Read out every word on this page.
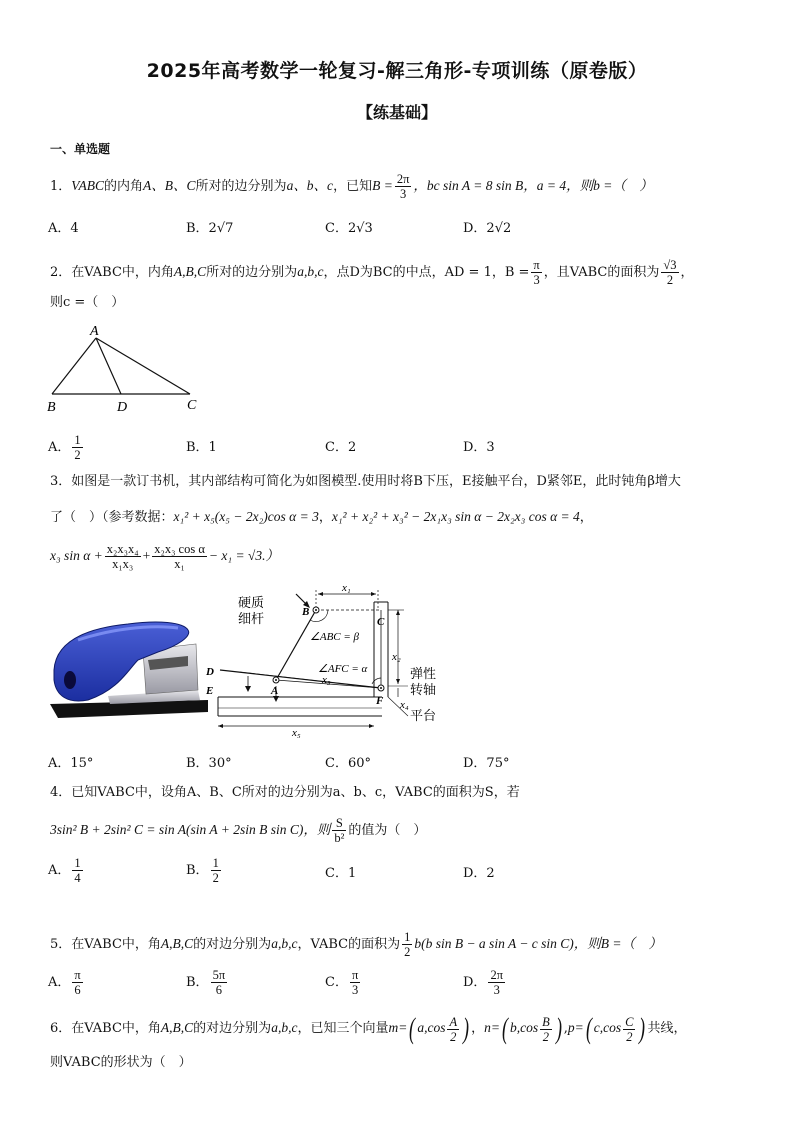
2025年高考数学一轮复习-解三角形-专项训练（原卷版）
【练基础】
一、单选题
1．VABC的内角A、B、C所对的边分别为a、b、c，已知$B = \frac{2\pi}{3}$ ，bc sin A = 8 sin B，a = 4，则b =（　）
A．4	B．2√7	C．2√3	D．2√2
2．在VABC中，内角A,B,C所对的边分别为a,b,c，点D为BC的中点，AD = 1，$B = \frac{\pi}{3}$ ，且VABC的面积为 $\frac{√3}{2}$ ，
则c =（　）
A
B	D	C
A． $\frac{1}{2}$	B．1	C．2	D．3
3．如图是一款订书机，其内部结构可简化为如图模型.使用时将B下压，E接触平台，D紧邻E，此时钝角β增大
了（　）（参考数据：x₁² + x₅(x₅ − 2x₂)cos α = 3，x₁² + x₂² + x₃² − 2x₁x₃ sin α − 2x₂x₃ cos α = 4，
x₃ $\sin \alpha + \frac{\text{x₂x₃x₄}}{\text{x₁x₃}} + \frac{\text{x₂x₃ cos α}}{\text{x₁}} - x_1 = √3$.）
x₁
x₂
x₄
x₅
硬质
细杆	B
C
∠ABC = β
∠AFC = α
x₃
D
E	A
F
弹性
转轴
平台
A．15°	B．30°	C．60°	D．75°
4．已知VABC中，设角A、B、C所对的边分别为a、b、c，VABC的面积为S，若
3sin² B + 2sin² C = sin A(sin A + 2sin B sin C)，则 $\frac{S}{\text{b²}}$ 的值为（　）
A． $\frac{1}{4}$	B． $\frac{1}{2}$	C．1	D．2
5．在VABC中，角A,B,C的对边分别为a,b,c，VABC的面积为 $\frac{1}{2} b(b$ sin B − a sin A − c sin C)，则B =（　）
A． $\frac{\pi}{6}$	B． $\frac{5\pi}{6}$	C． $\frac{\pi}{3}$	D． $\frac{2\pi}{3}$
6．在VABC中，角A,B,C的对边分别为a,b,c，已知三个向量m=( $a,\cos \frac{A}{2}$ ) ，n=( $b,\cos \frac{B}{2}$ ) ,p=( $c,\cos \frac{C}{2}$ ) 共线，
则VABC的形状为（　）
